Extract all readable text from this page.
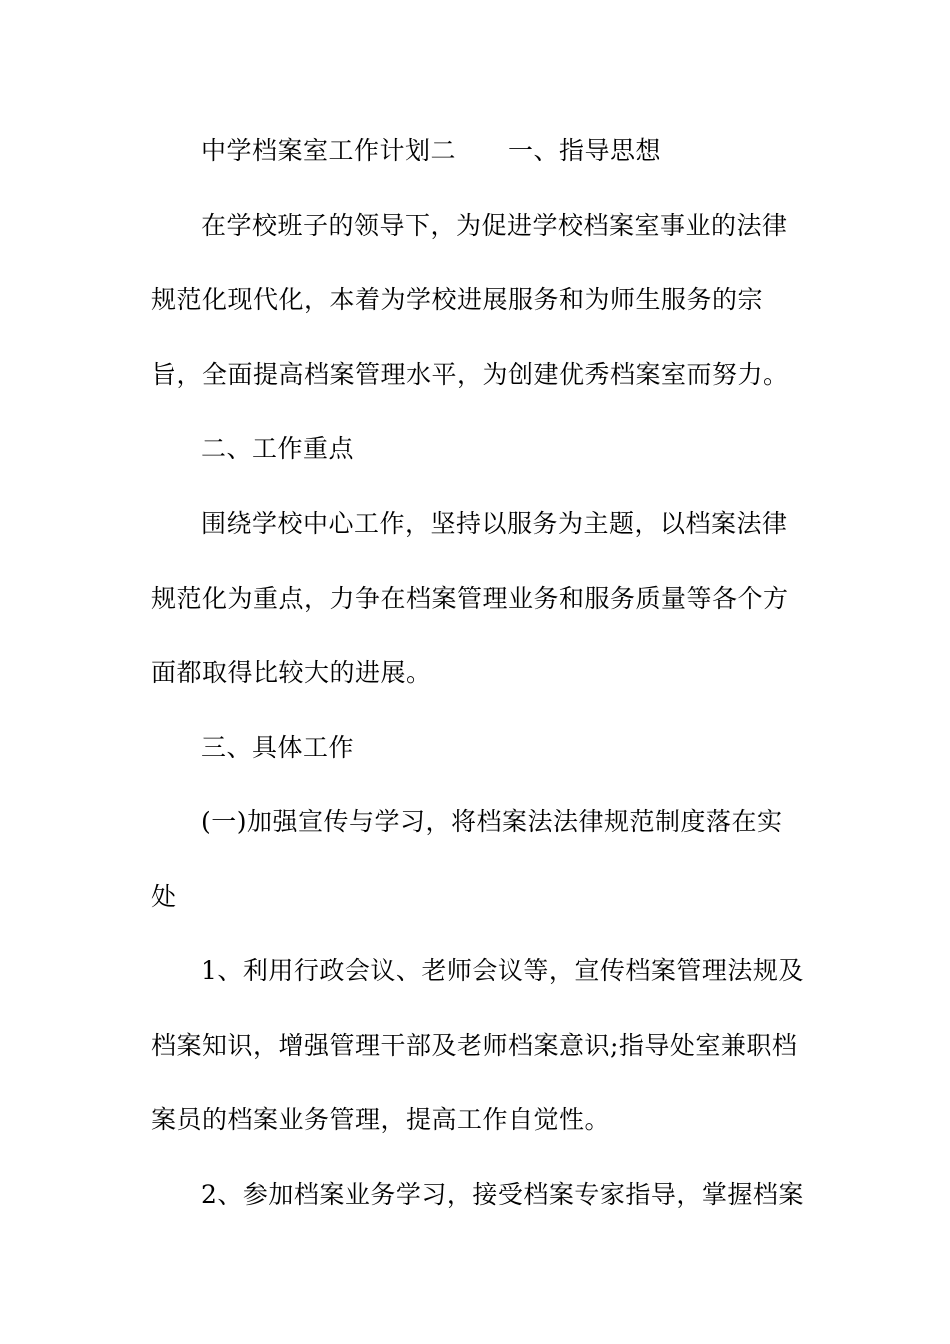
中学档案室工作计划二 一、指导思想

在学校班子的领导下，为促进学校档案室事业的法律

规范化现代化，本着为学校进展服务和为师生服务的宗

旨，全面提高档案管理水平，为创建优秀档案室而努力。

二、工作重点

围绕学校中心工作，坚持以服务为主题，以档案法律

规范化为重点，力争在档案管理业务和服务质量等各个方

面都取得比较大的进展。

三、具体工作

(一)加强宣传与学习，将档案法法律规范制度落在实

处

1、利用行政会议、老师会议等，宣传档案管理法规及

档案知识，增强管理干部及老师档案意识;指导处室兼职档

案员的档案业务管理，提高工作自觉性。

2、参加档案业务学习，接受档案专家指导，掌握档案
